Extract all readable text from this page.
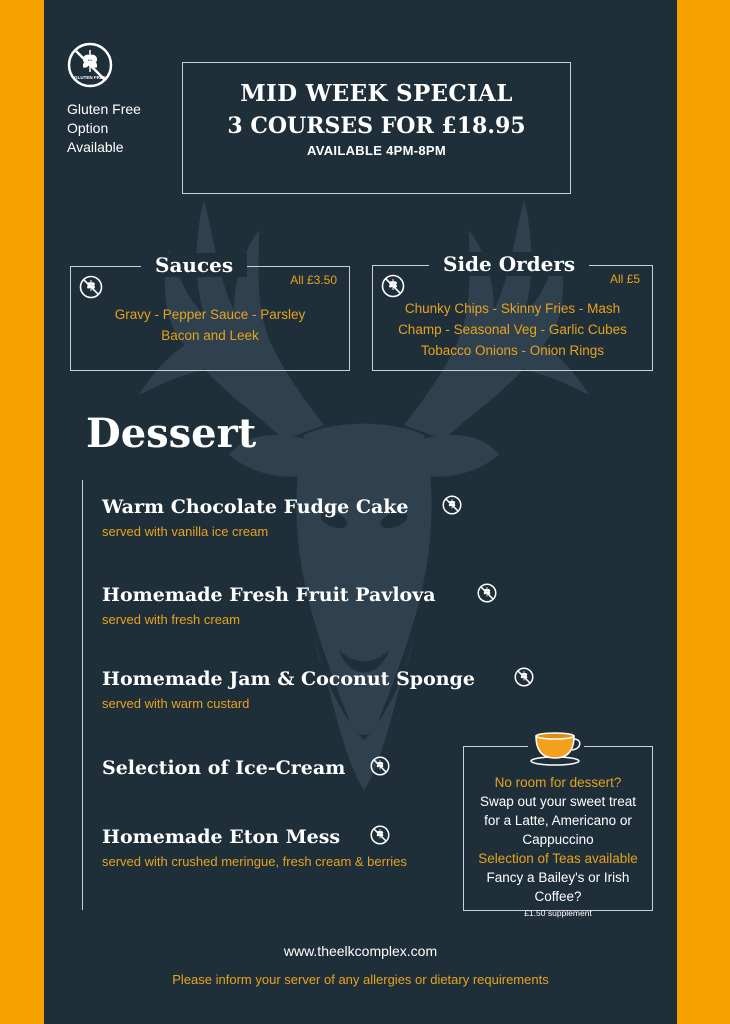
GLUTEN FREE
Gluten Free
Option
Available
MID WEEK SPECIAL
3 COURSES FOR £18.95
AVAILABLE 4PM-8PM
Sauces
All £3.50
Gravy - Pepper Sauce - Parsley
Bacon and Leek
Side Orders
All £5
Chunky Chips - Skinny Fries - Mash
Champ - Seasonal Veg - Garlic Cubes
Tobacco Onions - Onion Rings
Dessert
Warm Chocolate Fudge Cake
served with vanilla ice cream
Homemade Fresh Fruit Pavlova
served with fresh cream
Homemade Jam & Coconut Sponge
served with warm custard
Selection of Ice-Cream
Homemade Eton Mess
served with crushed meringue, fresh cream & berries
No room for dessert?
Swap out your sweet treat
for a Latte, Americano or
Cappuccino
Selection of Teas available
Fancy a Bailey's or Irish Coffee?
£1.50 supplement
www.theelkcomplex.com
Please inform your server of any allergies or dietary requirements
